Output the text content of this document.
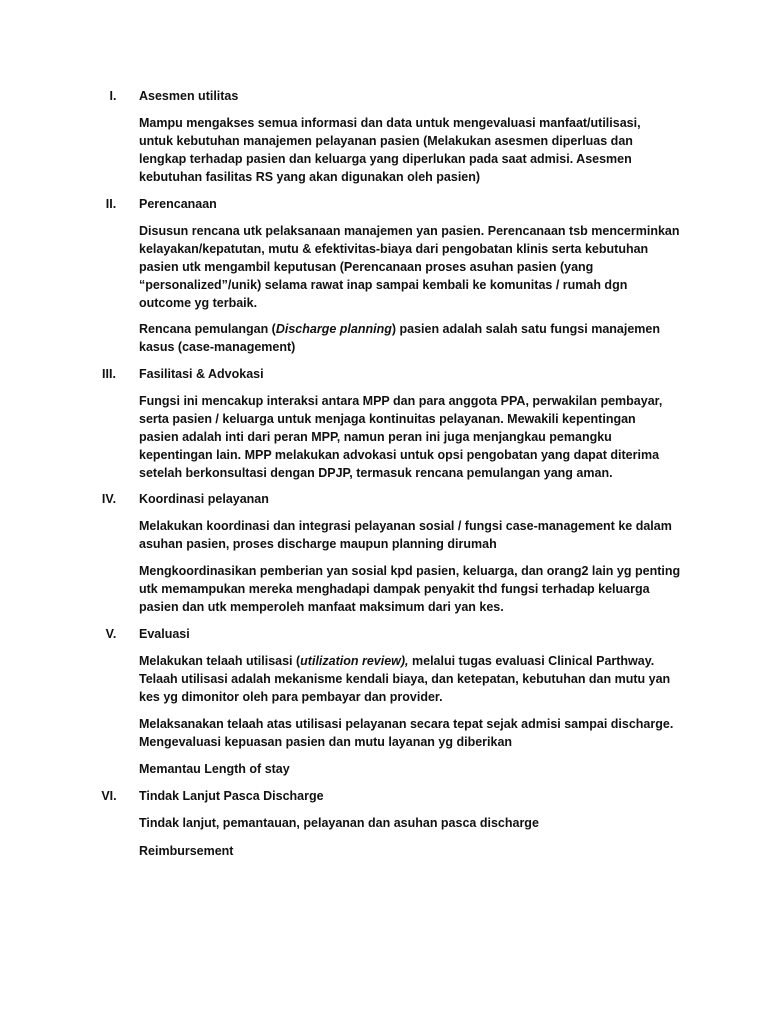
I.	Asesmen utilitas
Mampu mengakses semua informasi dan data untuk mengevaluasi manfaat/utilisasi,
untuk kebutuhan manajemen pelayanan pasien (Melakukan asesmen diperluas dan
lengkap terhadap pasien dan keluarga yang diperlukan pada saat admisi. Asesmen
kebutuhan fasilitas RS yang akan digunakan oleh pasien)
II.	Perencanaan
Disusun rencana utk pelaksanaan manajemen yan pasien. Perencanaan tsb mencerminkan
kelayakan/kepatutan, mutu & efektivitas-biaya dari pengobatan klinis serta kebutuhan
pasien utk mengambil keputusan (Perencanaan proses asuhan pasien (yang
“personalized”/unik) selama rawat inap sampai kembali ke komunitas / rumah dgn
outcome yg terbaik.
Rencana pemulangan (Discharge planning) pasien adalah salah satu fungsi manajemen
kasus (case-management)
III.	Fasilitasi & Advokasi
Fungsi ini mencakup interaksi antara MPP dan para anggota PPA, perwakilan pembayar,
serta pasien / keluarga untuk menjaga kontinuitas pelayanan. Mewakili kepentingan
pasien adalah inti dari peran MPP, namun peran ini juga menjangkau pemangku
kepentingan lain. MPP melakukan advokasi untuk opsi pengobatan yang dapat diterima
setelah berkonsultasi dengan DPJP, termasuk rencana pemulangan yang aman.
IV.	Koordinasi pelayanan
Melakukan koordinasi dan integrasi pelayanan sosial / fungsi case-management ke dalam
asuhan pasien, proses discharge maupun planning dirumah
Mengkoordinasikan pemberian yan sosial kpd pasien, keluarga, dan orang2 lain yg penting
utk memampukan mereka menghadapi dampak penyakit thd fungsi terhadap keluarga
pasien dan utk memperoleh manfaat maksimum dari yan kes.
V.	Evaluasi
Melakukan telaah utilisasi (utilization review), melalui tugas evaluasi Clinical Parthway.
Telaah utilisasi adalah mekanisme kendali biaya, dan ketepatan, kebutuhan dan mutu yan
kes yg dimonitor oleh para pembayar dan provider.
Melaksanakan telaah atas utilisasi pelayanan secara tepat sejak admisi sampai discharge.
Mengevaluasi kepuasan pasien dan mutu layanan yg diberikan
Memantau Length of stay
VI.	Tindak Lanjut Pasca Discharge
Tindak lanjut, pemantauan, pelayanan dan asuhan pasca discharge
Reimbursement
